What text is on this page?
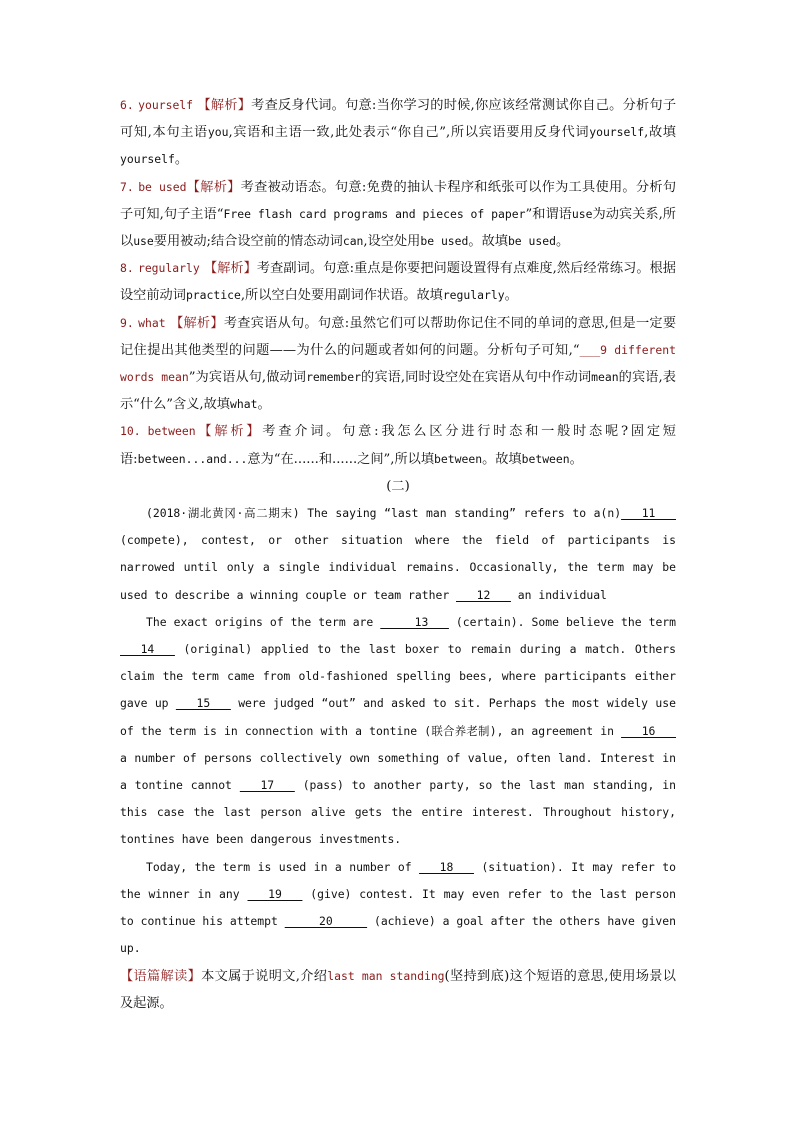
6. yourself 【解析】考查反身代词。句意:当你学习的时候,你应该经常测试你自己。分析句子可知,本句主语you,宾语和主语一致,此处表示“你自己”,所以宾语要用反身代词yourself,故填yourself。

7. be used【解析】考查被动语态。句意:免费的抽认卡程序和纸张可以作为工具使用。分析句子可知,句子主语“Free flash card programs and pieces of paper”和谓语use为动宾关系,所以use要用被动;结合设空前的情态动词can,设空处用be used。故填be used。

8. regularly 【解析】考查副词。句意:重点是你要把问题设置得有点难度,然后经常练习。根据设空前动词practice,所以空白处要用副词作状语。故填regularly。

9. what 【解析】考查宾语从句。句意:虽然它们可以帮助你记住不同的单词的意思,但是一定要记住提出其他类型的问题——为什么的问题或者如何的问题。分析句子可知,“___9 different words mean”为宾语从句,做动词remember的宾语,同时设空处在宾语从句中作动词mean的宾语,表示“什么”含义,故填what。

10. between【解析】考查介词。句意:我怎么区分进行时态和一般时态呢?固定短语:between...and...意为“在......和......之间”,所以填between。故填between。

(二)

(2018·湖北黄冈·高二期末) The saying “last man standing” refers to a(n)___11___ (compete), contest, or other situation where the field of participants is narrowed until only a single individual remains. Occasionally, the term may be used to describe a winning couple or team rather ___12___ an individual

The exact origins of the term are _____13___ (certain). Some believe the term ___14___ (original) applied to the last boxer to remain during a match. Others claim the term came from old-fashioned spelling bees, where participants either gave up ___15___ were judged “out” and asked to sit. Perhaps the most widely use of the term is in connection with a tontine (联合养老制), an agreement in ___16___ a number of persons collectively own something of value, often land. Interest in a tontine cannot ___17___ (pass) to another party, so the last man standing, in this case the last person alive gets the entire interest. Throughout history, tontines have been dangerous investments.

Today, the term is used in a number of ___18___ (situation). It may refer to the winner in any ___19___ (give) contest. It may even refer to the last person to continue his attempt _____20_____ (achieve) a goal after the others have given up.

【语篇解读】本文属于说明文,介绍last man standing(坚持到底)这个短语的意思,使用场景以及起源。
